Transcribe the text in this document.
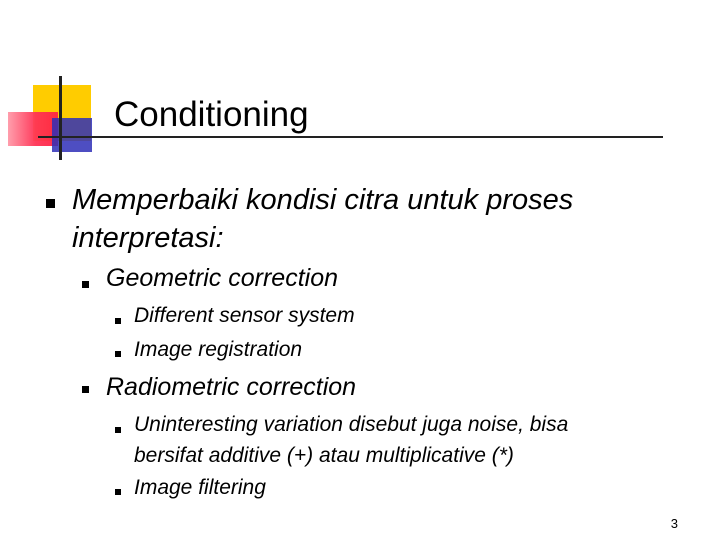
Conditioning
Memperbaiki kondisi citra untuk proses
interpretasi:
Geometric correction
Different sensor system
Image registration
Radiometric correction
Uninteresting variation disebut juga noise, bisa
bersifat additive (+) atau multiplicative (*)
Image filtering
3
